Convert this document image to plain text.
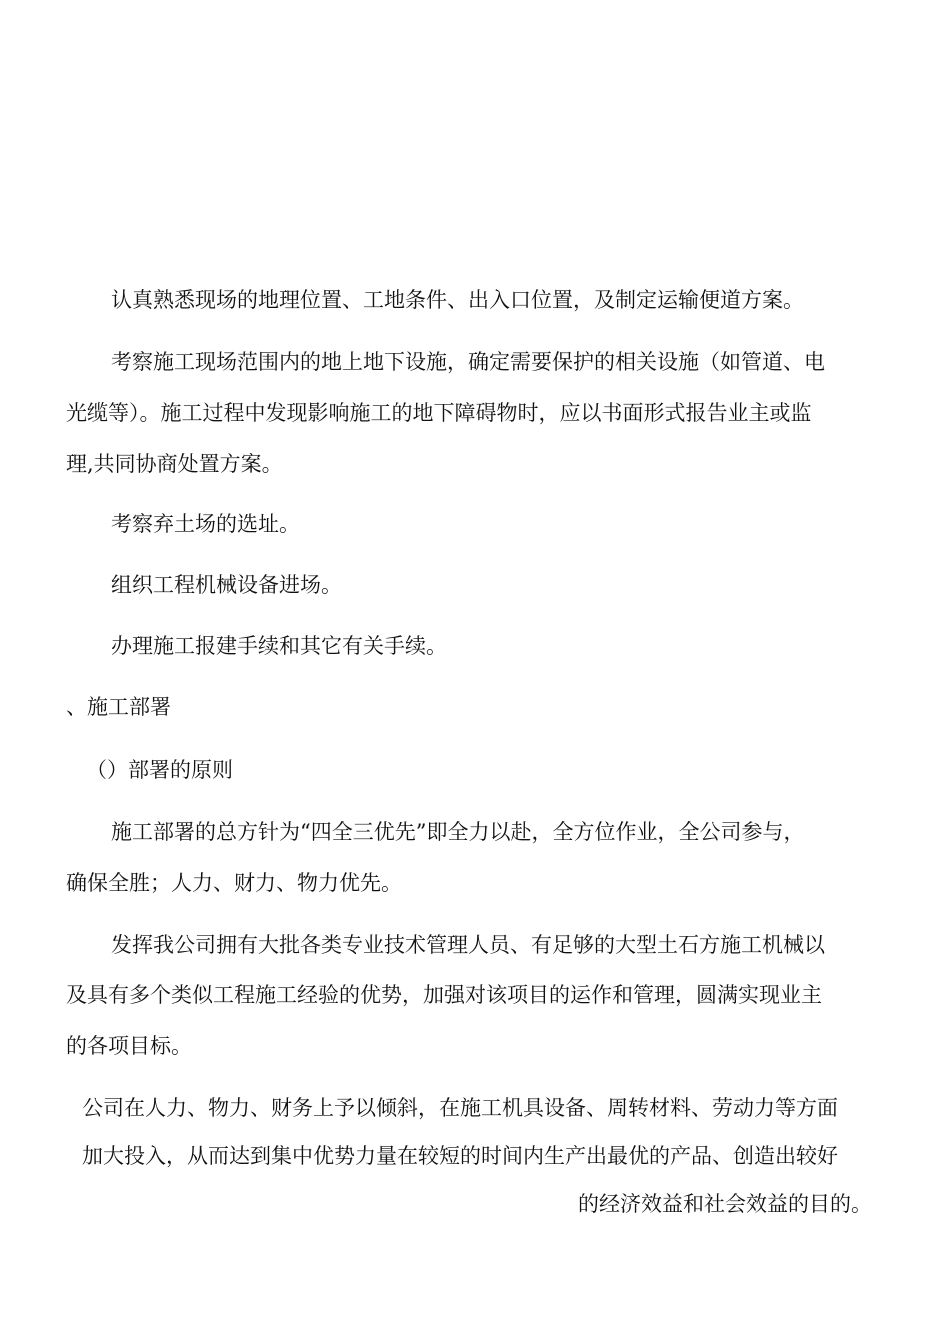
认真熟悉现场的地理位置、工地条件、出入口位置，及制定运输便道方案。

考察施工现场范围内的地上地下设施，确定需要保护的相关设施（如管道、电

光缆等）。施工过程中发现影响施工的地下障碍物时，应以书面形式报告业主或监

理,共同协商处置方案。

考察弃土场的选址。

组织工程机械设备进场。

办理施工报建手续和其它有关手续。

、施工部署

（）部署的原则

施工部署的总方针为“四全三优先”即全力以赴，全方位作业，全公司参与，

确保全胜；人力、财力、物力优先。

发挥我公司拥有大批各类专业技术管理人员、有足够的大型土石方施工机械以

及具有多个类似工程施工经验的优势，加强对该项目的运作和管理，圆满实现业主

的各项目标。

公司在人力、物力、财务上予以倾斜，在施工机具设备、周转材料、劳动力等方面

加大投入，从而达到集中优势力量在较短的时间内生产出最优的产品、创造出较好

的经济效益和社会效益的目的。
